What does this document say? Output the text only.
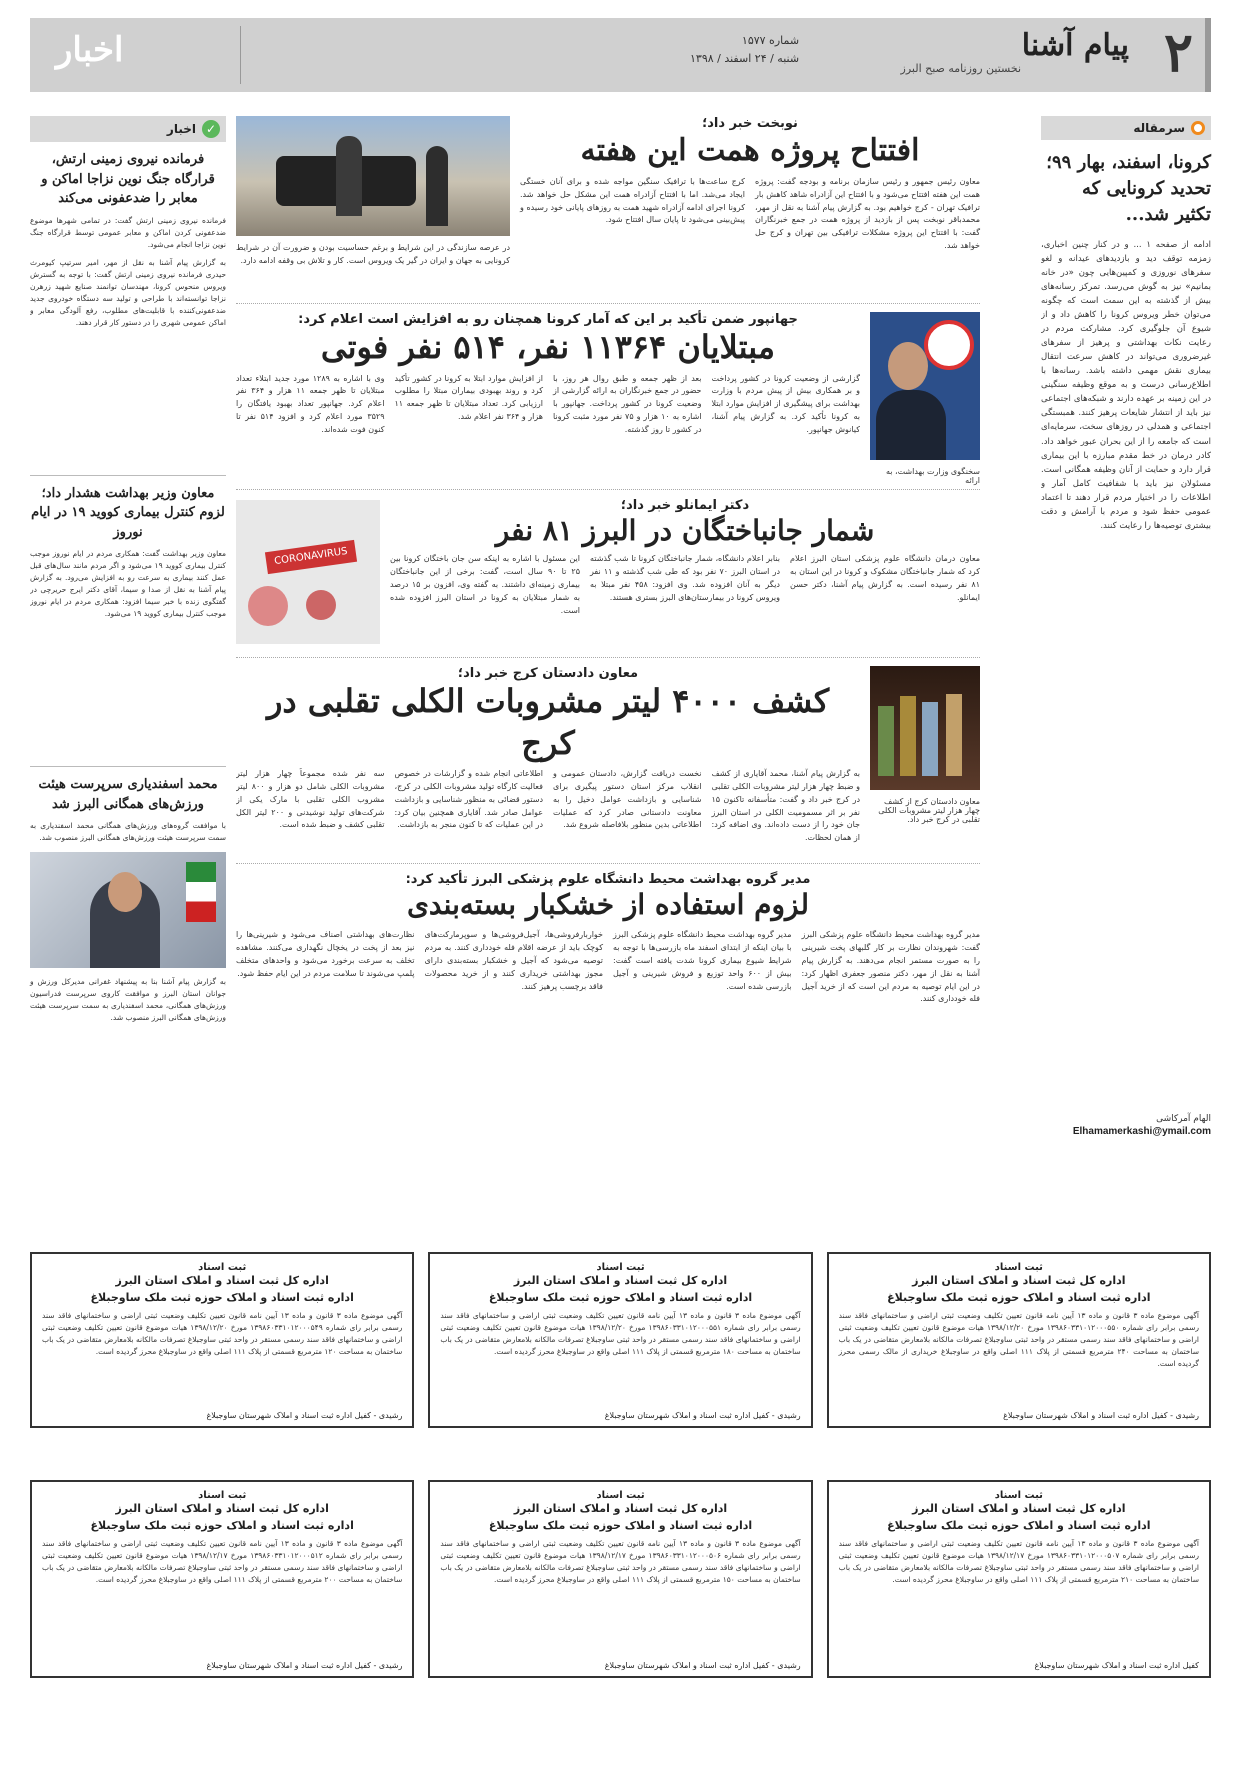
۲
پیام آشنا
نخستین روزنامه صبح البرز
شماره ۱۵۷۷
شنبه / ۲۴ اسفند / ۱۳۹۸
اخبار
سرمقاله
کرونا، اسفند، بهار ۹۹؛ تحدید کرونایی که تکثیر شد...
ادامه از صفحه ۱ ... و در کنار چنین اخباری، زمزمه توقف دید و بازدیدهای عیدانه و لغو سفرهای نوروزی و کمپین‌هایی چون «در خانه بمانیم» نیز به گوش می‌رسد. تمرکز رسانه‌های بیش از گذشته به این سمت است که چگونه می‌توان خطر ویروس کرونا را کاهش داد و از شیوع آن جلوگیری کرد. مشارکت مردم در رعایت نکات بهداشتی و پرهیز از سفرهای غیرضروری می‌تواند در کاهش سرعت انتقال بیماری نقش مهمی داشته باشد. رسانه‌ها با اطلاع‌رسانی درست و به موقع وظیفه سنگینی در این زمینه بر عهده دارند و شبکه‌های اجتماعی نیز باید از انتشار شایعات پرهیز کنند. همبستگی اجتماعی و همدلی در روزهای سخت، سرمایه‌ای است که جامعه را از این بحران عبور خواهد داد. کادر درمان در خط مقدم مبارزه با این بیماری قرار دارد و حمایت از آنان وظیفه همگانی است. مسئولان نیز باید با شفافیت کامل آمار و اطلاعات را در اختیار مردم قرار دهند تا اعتماد عمومی حفظ شود و مردم با آرامش و دقت بیشتری توصیه‌ها را رعایت کنند.
الهام آمرکاشی
Elhamamerkashi@ymail.com
✓
اخبار
فرمانده نیروی زمینی ارتش، قرارگاه جنگ نوین نزاجا اماکن و معابر را ضدعفونی می‌کند
فرمانده نیروی زمینی ارتش گفت: در تمامی شهرها موضوع ضدعفونی کردن اماکن و معابر عمومی توسط قرارگاه جنگ نوین نزاجا انجام می‌شود.
به گزارش پیام آشنا به نقل از مهر، امیر سرتیپ کیومرث حیدری فرمانده نیروی زمینی ارتش گفت: با توجه به گسترش ویروس منحوس کرونا، مهندسان توانمند صنایع شهید زرهرن نزاجا توانسته‌اند با طراحی و تولید سه دستگاه خودروی جدید ضدعفونی‌کننده با قابلیت‌های مطلوب، رفع آلودگی معابر و اماکن عمومی شهری را در دستور کار قرار دهند.
معاون وزیر بهداشت هشدار داد؛ لزوم کنترل بیماری کووید ۱۹ در ایام نوروز
معاون وزیر بهداشت گفت: همکاری مردم در ایام نوروز موجب کنترل بیماری کووید ۱۹ می‌شود و اگر مردم مانند سال‌های قبل عمل کنند بیماری به سرعت رو به افزایش می‌رود. به گزارش پیام آشنا به نقل از صدا و سیما، آقای دکتر ایرج حریرچی در گفتگوی زنده با خبر سیما افزود: همکاری مردم در ایام نوروز موجب کنترل بیماری کووید ۱۹ می‌شود.
محمد اسفندیاری سرپرست هیئت ورزش‌های همگانی البرز شد
با موافقت گروه‌های ورزش‌های همگانی محمد اسفندیاری به سمت سرپرست هیئت ورزش‌های همگانی البرز منصوب شد.
به گزارش پیام آشنا بنا به پیشنهاد غفرانی مدیرکل ورزش و جوانان استان البرز و موافقت کاروی سرپرست فدراسیون ورزش‌های همگانی، محمد اسفندیاری به سمت سرپرست هیئت ورزش‌های همگانی البرز منصوب شد.
نوبخت خبر داد؛
افتتاح پروژه همت این هفته
معاون رئیس جمهور و رئیس سازمان برنامه و بودجه گفت: پروژه همت این هفته افتتاح می‌شود و با افتتاح این آزادراه شاهد کاهش بار ترافیک تهران - کرج خواهیم بود. به گزارش پیام آشنا به نقل از مهر، محمدباقر نوبخت پس از بازدید از پروژه همت در جمع خبرنگاران گفت: با افتتاح این پروژه مشکلات ترافیکی بین تهران و کرج حل خواهد شد.
کرج ساعت‌ها با ترافیک سنگین مواجه شده و برای آنان خستگی ایجاد می‌شد. اما با افتتاح آزادراه همت این مشکل حل خواهد شد. کرونا اجرای ادامه آزادراه شهید همت به روزهای پایانی خود رسیده و پیش‌بینی می‌شود تا پایان سال افتتاح شود.
در عرصه سازندگی در این شرایط و برغم حساسیت بودن و ضرورت آن در شرایط کرونایی به جهان و ایران در گیر یک ویروس است. کار و تلاش بی وقفه ادامه دارد.
جهانپور ضمن تأکید بر این که آمار کرونا همچنان رو به افزایش است اعلام کرد:
مبتلایان ۱۱۳۶۴ نفر، ۵۱۴ نفر فوتی
سخنگوی وزارت بهداشت، به ارائه
گزارشی از وضعیت کرونا در کشور پرداخت و بر همکاری بیش از پیش مردم با وزارت بهداشت برای پیشگیری از افزایش موارد ابتلا به کرونا تأکید کرد. به گزارش پیام آشنا، کیانوش جهانپور.
بعد از ظهر جمعه و طبق روال هر روز، با حضور در جمع خبرنگاران به ارائه گزارشی از وضعیت کرونا در کشور پرداخت. جهانپور با اشاره به ۱۰ هزار و ۷۵ نفر مورد مثبت کرونا در کشور تا روز گذشته.
از افزایش موارد ابتلا به کرونا در کشور تأکید کرد و روند بهبودی بیماران مبتلا را مطلوب ارزیابی کرد. تعداد مبتلایان تا ظهر جمعه ۱۱ هزار و ۳۶۴ نفر اعلام شد.
وی با اشاره به ۱۲۸۹ مورد جدید ابتلاء تعداد مبتلایان تا ظهر جمعه ۱۱ هزار و ۳۶۴ نفر اعلام کرد. جهانپور تعداد بهبود یافتگان را ۳۵۲۹ مورد اعلام کرد و افزود ۵۱۴ نفر تا کنون فوت شده‌اند.
CORONAVIRUS
دکتر ایمانلو خبر داد؛
شمار جانباختگان در البرز ۸۱ نفر
معاون درمان دانشگاه علوم پزشکی استان البرز اعلام کرد که شمار جانباختگان مشکوک و کرونا در این استان به ۸۱ نفر رسیده است. به گزارش پیام آشنا، دکتر حسن ایمانلو.
بنابر اعلام دانشگاه، شمار جانباختگان کرونا تا شب گذشته در استان البرز ۷۰ نفر بود که طی شب گذشته و ۱۱ نفر دیگر به آنان افزوده شد. وی افزود: ۴۵۸ نفر مبتلا به ویروس کرونا در بیمارستان‌های البرز بستری هستند.
این مسئول با اشاره به اینکه سن جان باختگان کرونا بین ۲۵ تا ۹۰ سال است، گفت: برخی از این جانباختگان بیماری زمینه‌ای داشتند. به گفته وی، افزون بر ۱۵ درصد به شمار مبتلایان به کرونا در استان البرز افزوده شده است.
معاون دادستان کرج خبر داد؛
کشف ۴۰۰۰ لیتر مشروبات الکلی تقلبی در کرج
معاون دادستان کرج از کشف چهار هزار لیتر مشروبات الکلی تقلبی در کرج خبر داد.
به گزارش پیام آشنا، محمد آقایاری از کشف و ضبط چهار هزار لیتر مشروبات الکلی تقلبی در کرج خبر داد و گفت: متأسفانه تاکنون ۱۵ نفر بر اثر مسمومیت الکلی در استان البرز جان خود را از دست داده‌اند. وی اضافه کرد: از همان لحظات.
نخست دریافت گزارش، دادستان عمومی و انقلاب مرکز استان دستور پیگیری برای شناسایی و بازداشت عوامل دخیل را به معاونت دادستانی صادر کرد که عملیات اطلاعاتی بدین منظور بلافاصله شروع شد.
اطلاعاتی انجام شده و گزارشات در خصوص فعالیت کارگاه تولید مشروبات الکلی در کرج، دستور قضائی به منظور شناسایی و بازداشت عوامل صادر شد. آقایاری همچنین بیان کرد: در این عملیات که تا کنون منجر به بازداشت.
سه نفر شده مجموعاً چهار هزار لیتر مشروبات الکلی شامل دو هزار و ۸۰۰ لیتر مشروب الکلی تقلبی با مارک یکی از شرکت‌های تولید نوشیدنی و ۲۰۰ لیتر الکل تقلبی کشف و ضبط شده است.
مدیر گروه بهداشت محیط دانشگاه علوم پزشکی البرز تأکید کرد:
لزوم استفاده از خشکبار بسته‌بندی
مدیر گروه بهداشت محیط دانشگاه علوم پزشکی البرز گفت: شهروندان نظارت بر کار گلبهای پخت شیرینی را به صورت مستمر انجام می‌دهند. به گزارش پیام آشنا به نقل از مهر، دکتر منصور جعفری اظهار کرد: در این ایام توصیه به مردم این است که از خرید آجیل فله خودداری کنند.
مدیر گروه بهداشت محیط دانشگاه علوم پزشکی البرز با بیان اینکه از ابتدای اسفند ماه بازرسی‌ها با توجه به شرایط شیوع بیماری کرونا شدت یافته است گفت: بیش از ۶۰۰ واحد توزیع و فروش شیرینی و آجیل بازرسی شده است.
خواربارفروشی‌ها، آجیل‌فروشی‌ها و سوپرمارکت‌های کوچک باید از عرضه اقلام فله خودداری کنند. به مردم توصیه می‌شود که آجیل و خشکبار بسته‌بندی دارای مجوز بهداشتی خریداری کنند و از خرید محصولات فاقد برچسب پرهیز کنند.
نظارت‌های بهداشتی اصناف می‌شود و شیرینی‌ها را نیز بعد از پخت در یخچال نگهداری می‌کنند. مشاهده تخلف به سرعت برخورد می‌شود و واحدهای متخلف پلمپ می‌شوند تا سلامت مردم در این ایام حفظ شود.
ثبت اسناد
اداره کل ثبت اسناد و املاک استان البرز
اداره ثبت اسناد و املاک حوزه ثبت ملک ساوجبلاغ

آگهی موضوع ماده ۳ قانون و ماده ۱۳ آیین نامه قانون تعیین تکلیف وضعیت ثبتی اراضی و ساختمانهای فاقد سند رسمی برابر رای شماره ۱۳۹۸۶۰۳۳۱۰۱۲۰۰۰۵۵۰ مورخ ۱۳۹۸/۱۲/۲۰ هیات موضوع قانون تعیین تکلیف وضعیت ثبتی اراضی و ساختمانهای فاقد سند رسمی مستقر در واحد ثبتی ساوجبلاغ تصرفات مالکانه بلامعارض متقاضی در یک باب ساختمان به مساحت ۲۴۰ مترمربع قسمتی از پلاک ۱۱۱ اصلی واقع در ساوجبلاغ خریداری از مالک رسمی محرز گردیده است.

رشیدی - کفیل اداره ثبت اسناد و املاک شهرستان ساوجبلاغ
ثبت اسناد
اداره کل ثبت اسناد و املاک استان البرز
اداره ثبت اسناد و املاک حوزه ثبت ملک ساوجبلاغ

آگهی موضوع ماده ۳ قانون و ماده ۱۳ آیین نامه قانون تعیین تکلیف وضعیت ثبتی اراضی و ساختمانهای فاقد سند رسمی برابر رای شماره ۱۳۹۸۶۰۳۳۱۰۱۲۰۰۰۵۵۱ مورخ ۱۳۹۸/۱۲/۲۰ هیات موضوع قانون تعیین تکلیف وضعیت ثبتی اراضی و ساختمانهای فاقد سند رسمی مستقر در واحد ثبتی ساوجبلاغ تصرفات مالکانه بلامعارض متقاضی در یک باب ساختمان به مساحت ۱۸۰ مترمربع قسمتی از پلاک ۱۱۱ اصلی واقع در ساوجبلاغ محرز گردیده است.

رشیدی - کفیل اداره ثبت اسناد و املاک شهرستان ساوجبلاغ
ثبت اسناد
اداره کل ثبت اسناد و املاک استان البرز
اداره ثبت اسناد و املاک حوزه ثبت ملک ساوجبلاغ

آگهی موضوع ماده ۳ قانون و ماده ۱۳ آیین نامه قانون تعیین تکلیف وضعیت ثبتی اراضی و ساختمانهای فاقد سند رسمی برابر رای شماره ۱۳۹۸۶۰۳۳۱۰۱۲۰۰۰۵۴۹ مورخ ۱۳۹۸/۱۲/۲۰ هیات موضوع قانون تعیین تکلیف وضعیت ثبتی اراضی و ساختمانهای فاقد سند رسمی مستقر در واحد ثبتی ساوجبلاغ تصرفات مالکانه بلامعارض متقاضی در یک باب ساختمان به مساحت ۱۲۰ مترمربع قسمتی از پلاک ۱۱۱ اصلی واقع در ساوجبلاغ محرز گردیده است.

رشیدی - کفیل اداره ثبت اسناد و املاک شهرستان ساوجبلاغ
ثبت اسناد
اداره کل ثبت اسناد و املاک استان البرز
اداره ثبت اسناد و املاک حوزه ثبت ملک ساوجبلاغ

آگهی موضوع ماده ۳ قانون و ماده ۱۳ آیین نامه قانون تعیین تکلیف وضعیت ثبتی اراضی و ساختمانهای فاقد سند رسمی برابر رای شماره ۱۳۹۸۶۰۳۳۱۰۱۲۰۰۰۵۰۷ مورخ ۱۳۹۸/۱۲/۱۷ هیات موضوع قانون تعیین تکلیف وضعیت ثبتی اراضی و ساختمانهای فاقد سند رسمی مستقر در واحد ثبتی ساوجبلاغ تصرفات مالکانه بلامعارض متقاضی در یک باب ساختمان به مساحت ۲۱۰ مترمربع قسمتی از پلاک ۱۱۱ اصلی واقع در ساوجبلاغ محرز گردیده است.

کفیل اداره ثبت اسناد و املاک شهرستان ساوجبلاغ
ثبت اسناد
اداره کل ثبت اسناد و املاک استان البرز
اداره ثبت اسناد و املاک حوزه ثبت ملک ساوجبلاغ

آگهی موضوع ماده ۳ قانون و ماده ۱۳ آیین نامه قانون تعیین تکلیف وضعیت ثبتی اراضی و ساختمانهای فاقد سند رسمی برابر رای شماره ۱۳۹۸۶۰۳۳۱۰۱۲۰۰۰۵۰۶ مورخ ۱۳۹۸/۱۲/۱۷ هیات موضوع قانون تعیین تکلیف وضعیت ثبتی اراضی و ساختمانهای فاقد سند رسمی مستقر در واحد ثبتی ساوجبلاغ تصرفات مالکانه بلامعارض متقاضی در یک باب ساختمان به مساحت ۱۵۰ مترمربع قسمتی از پلاک ۱۱۱ اصلی واقع در ساوجبلاغ محرز گردیده است.

رشیدی - کفیل اداره ثبت اسناد و املاک شهرستان ساوجبلاغ
ثبت اسناد
اداره کل ثبت اسناد و املاک استان البرز
اداره ثبت اسناد و املاک حوزه ثبت ملک ساوجبلاغ

آگهی موضوع ماده ۳ قانون و ماده ۱۳ آیین نامه قانون تعیین تکلیف وضعیت ثبتی اراضی و ساختمانهای فاقد سند رسمی برابر رای شماره ۱۳۹۸۶۰۳۳۱۰۱۲۰۰۰۵۱۲ مورخ ۱۳۹۸/۱۲/۱۷ هیات موضوع قانون تعیین تکلیف وضعیت ثبتی اراضی و ساختمانهای فاقد سند رسمی مستقر در واحد ثبتی ساوجبلاغ تصرفات مالکانه بلامعارض متقاضی در یک باب ساختمان به مساحت ۲۰۰ مترمربع قسمتی از پلاک ۱۱۱ اصلی واقع در ساوجبلاغ محرز گردیده است.

رشیدی - کفیل اداره ثبت اسناد و املاک شهرستان ساوجبلاغ
